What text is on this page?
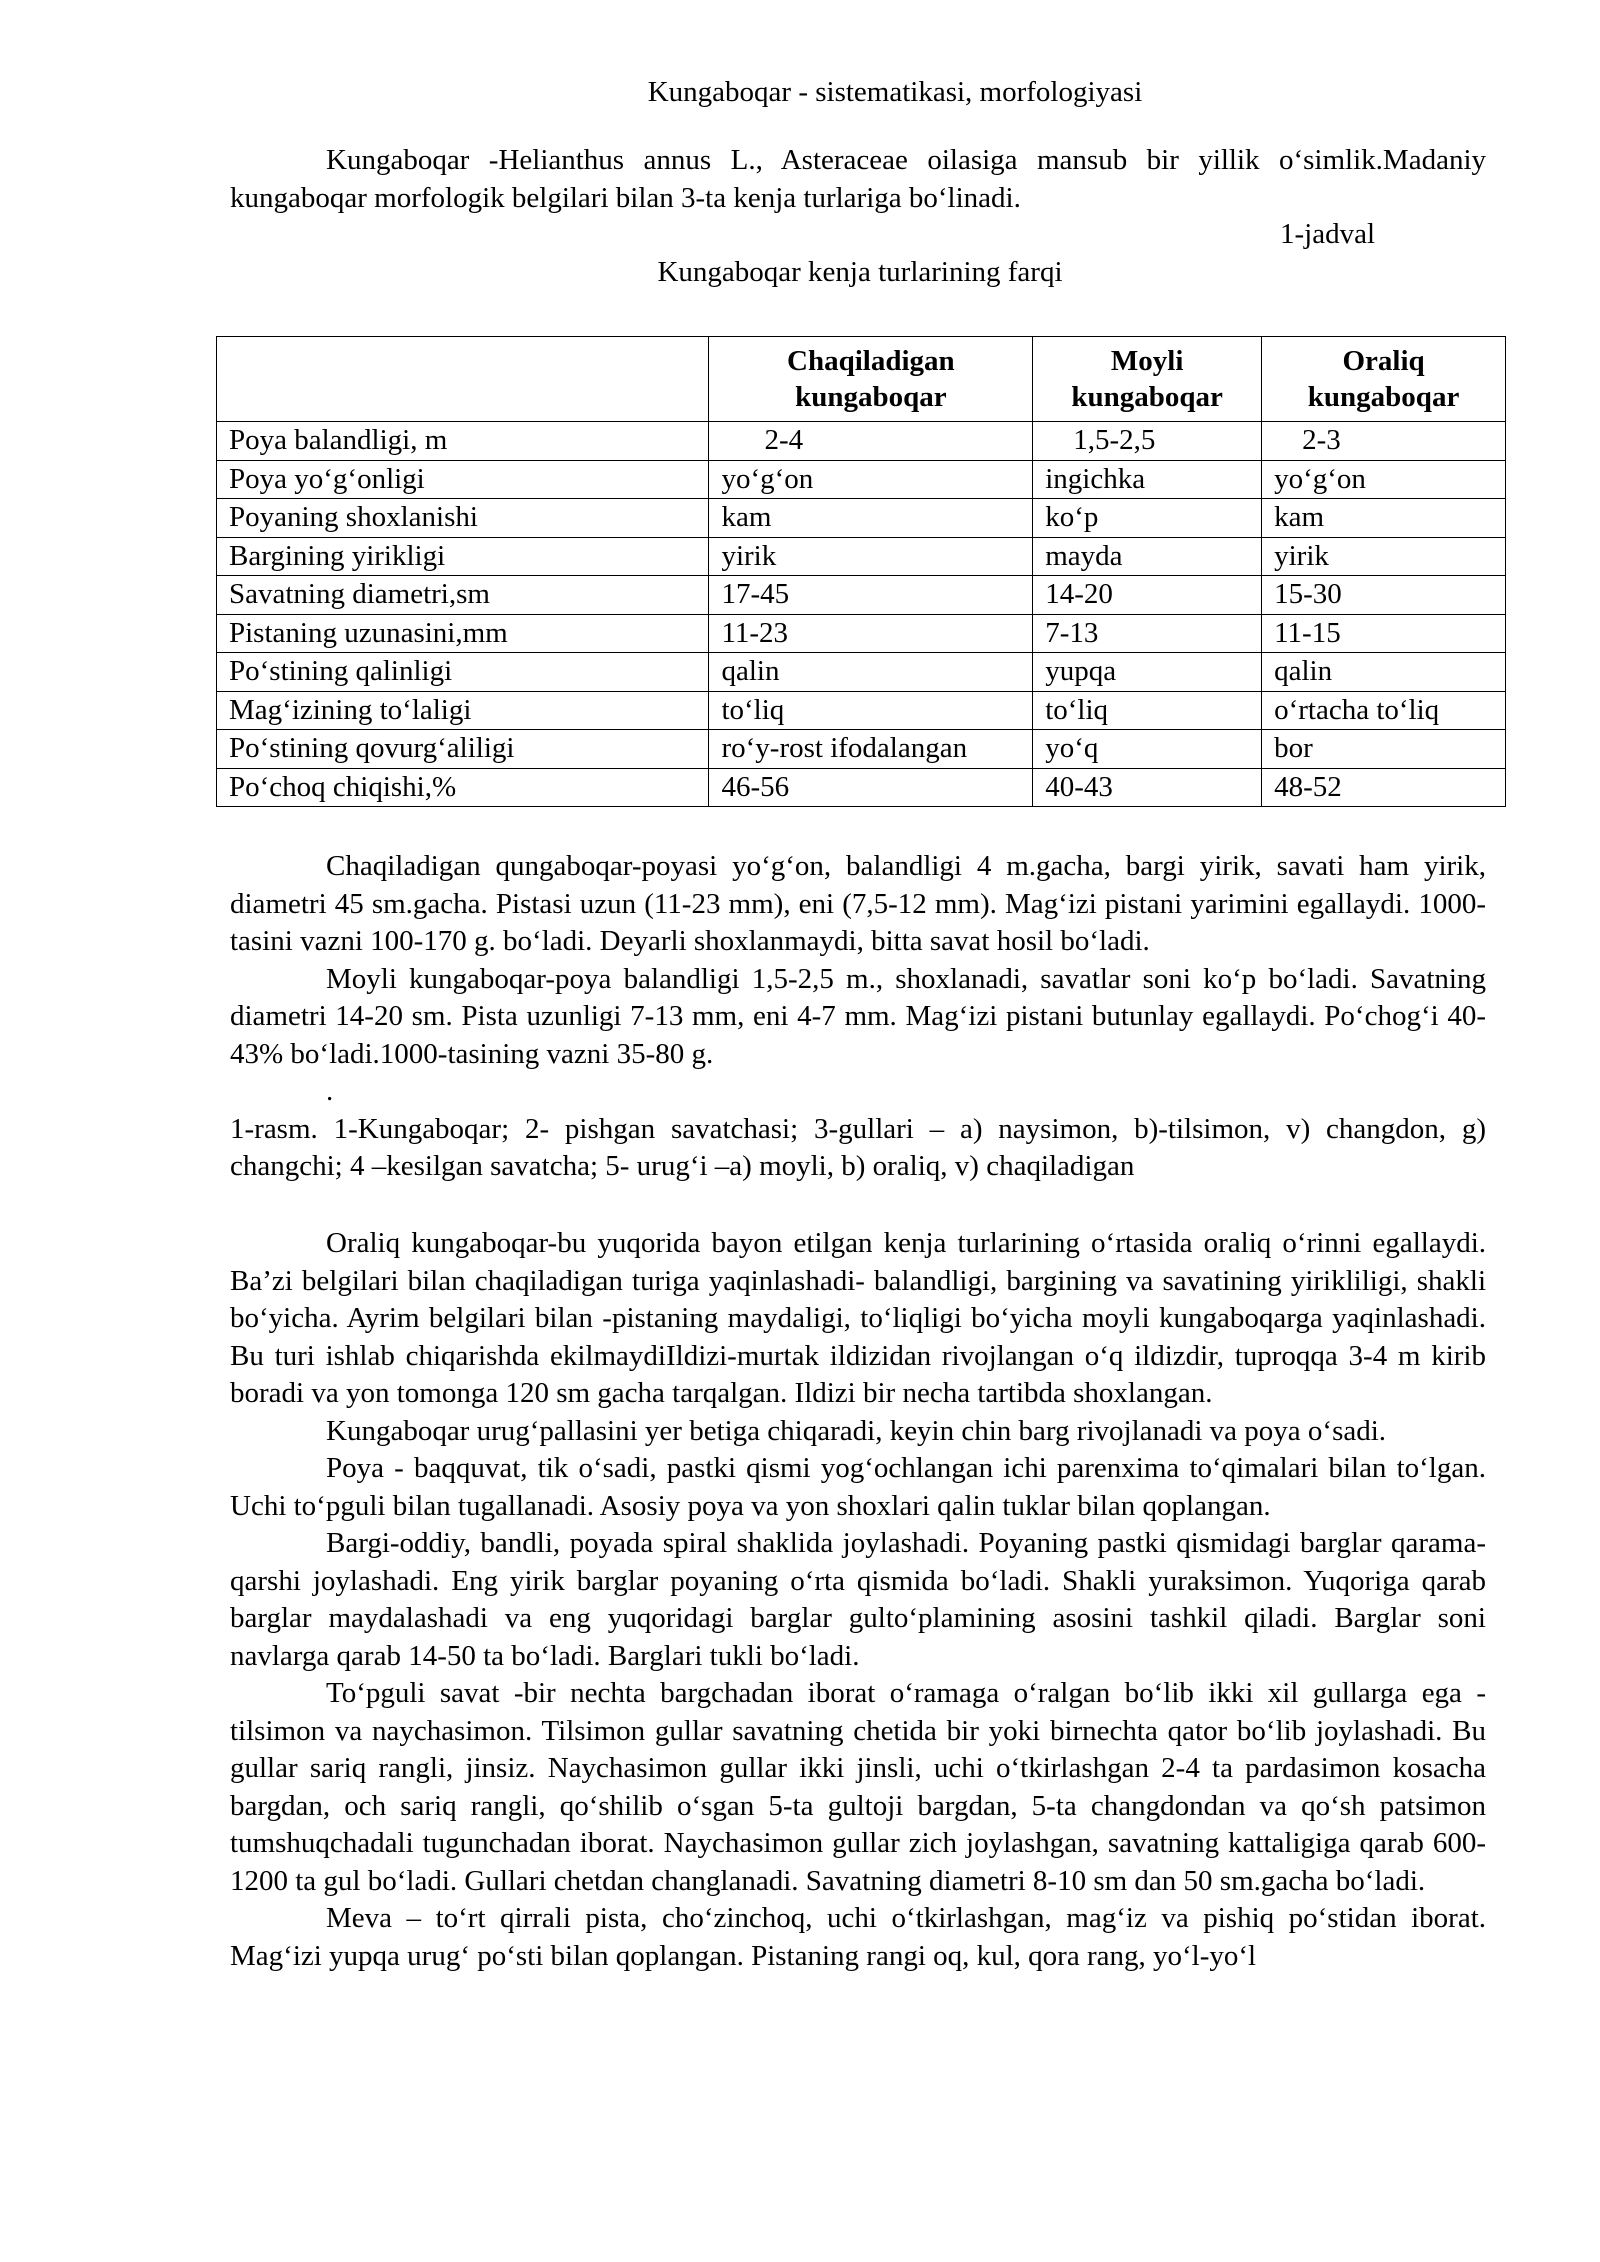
Kungaboqar - sistematikasi, morfologiyasi

Kungaboqar -Helianthus annus L., Asteraceae oilasiga mansub bir yillik o‘simlik.Madaniy kungaboqar morfologik belgilari bilan 3-ta kenja turlariga bo‘linadi.

1-jadval
Kungaboqar kenja turlarining farqi
	Chaqiladigan kungaboqar	Moyli kungaboqar	Oraliq kungaboqar
Poya balandligi, m	2-4	1,5-2,5	2-3
Poya yo‘g‘onligi	yo‘g‘on	ingichka	yo‘g‘on
Poyaning shoxlanishi	kam	ko‘p	kam
Bargining yirikligi	yirik	mayda	yirik
Savatning diametri,sm	17-45	14-20	15-30
Pistaning uzunasini,mm	11-23	7-13	11-15
Po‘stining qalinligi	qalin	yupqa	qalin
Mag‘izining to‘laligi	to‘liq	to‘liq	o‘rtacha to‘liq
Po‘stining qovurg‘aliligi	ro‘y-rost ifodalangan	yo‘q	bor
Po‘choq chiqishi,%	46-56	40-43	48-52

Chaqiladigan qungaboqar-poyasi yo‘g‘on, balandligi 4 m.gacha, bargi yirik, savati ham yirik, diametri 45 sm.gacha. Pistasi uzun (11-23 mm), eni (7,5-12 mm). Mag‘izi pistani yarimini egallaydi. 1000-tasini vazni 100-170 g. bo‘ladi. Deyarli shoxlanmaydi, bitta savat hosil bo‘ladi.

Moyli kungaboqar-poya balandligi 1,5-2,5 m., shoxlanadi, savatlar soni ko‘p bo‘ladi. Savatning diametri 14-20 sm. Pista uzunligi 7-13 mm, eni 4-7 mm. Mag‘izi pistani butunlay egallaydi. Po‘chog‘i 40-43% bo‘ladi.1000-tasining vazni 35-80 g.

.

1-rasm. 1-Kungaboqar; 2- pishgan savatchasi; 3-gullari – a) naysimon, b)-tilsimon, v) changdon, g) changchi; 4 –kesilgan savatcha; 5- urug‘i –a) moyli, b) oraliq, v) chaqiladigan

Oraliq kungaboqar-bu yuqorida bayon etilgan kenja turlarining o‘rtasida oraliq o‘rinni egallaydi. Ba’zi belgilari bilan chaqiladigan turiga yaqinlashadi- balandligi, bargining va savatining yirikliligi, shakli bo‘yicha. Ayrim belgilari bilan -pistaning maydaligi, to‘liqligi bo‘yicha moyli kungaboqarga yaqinlashadi. Bu turi ishlab chiqarishda ekilmaydiIldizi-murtak ildizidan rivojlangan o‘q ildizdir, tuproqqa 3-4 m kirib boradi va yon tomonga 120 sm gacha tarqalgan. Ildizi bir necha tartibda shoxlangan.

Kungaboqar urug‘pallasini yer betiga chiqaradi, keyin chin barg rivojlanadi va poya o‘sadi.

Poya - baqquvat, tik o‘sadi, pastki qismi yog‘ochlangan ichi parenxima to‘qimalari bilan to‘lgan. Uchi to‘pguli bilan tugallanadi. Asosiy poya va yon shoxlari qalin tuklar bilan qoplangan.

Bargi-oddiy, bandli, poyada spiral shaklida joylashadi. Poyaning pastki qismidagi barglar qarama-qarshi joylashadi. Eng yirik barglar poyaning o‘rta qismida bo‘ladi. Shakli yuraksimon. Yuqoriga qarab barglar maydalashadi va eng yuqoridagi barglar gulto‘plamining asosini tashkil qiladi. Barglar soni navlarga qarab 14-50 ta bo‘ladi. Barglari tukli bo‘ladi.

To‘pguli savat -bir nechta bargchadan iborat o‘ramaga o‘ralgan bo‘lib ikki xil gullarga ega - tilsimon va naychasimon. Tilsimon gullar savatning chetida bir yoki birnechta qator bo‘lib joylashadi. Bu gullar sariq rangli, jinsiz. Naychasimon gullar ikki jinsli, uchi o‘tkirlashgan 2-4 ta pardasimon kosacha bargdan, och sariq rangli, qo‘shilib o‘sgan 5-ta gultoji bargdan, 5-ta changdondan va qo‘sh patsimon tumshuqchadali tugunchadan iborat. Naychasimon gullar zich joylashgan, savatning kattaligiga qarab 600-1200 ta gul bo‘ladi. Gullari chetdan changlanadi. Savatning diametri 8-10 sm dan 50 sm.gacha bo‘ladi.

Meva – to‘rt qirrali pista, cho‘zinchoq, uchi o‘tkirlashgan, mag‘iz va pishiq po‘stidan iborat. Mag‘izi yupqa urug‘ po‘sti bilan qoplangan. Pistaning rangi oq, kul, qora rang, yo‘l-yo‘l
